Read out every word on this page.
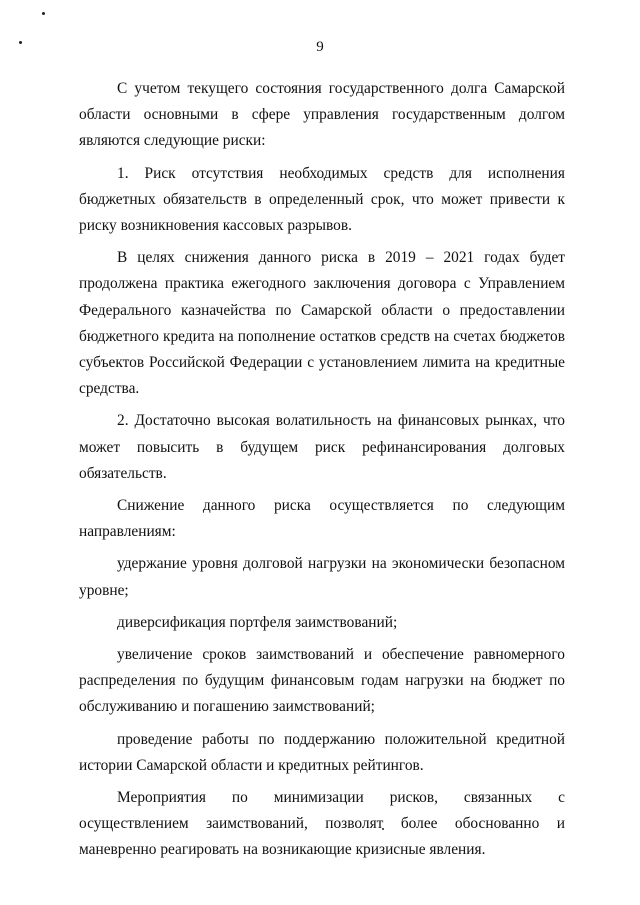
9

С учетом текущего состояния государственного долга Самарской области основными в сфере управления государственным долгом являются следующие риски:

1. Риск отсутствия необходимых средств для исполнения бюджетных обязательств в определенный срок, что может привести к риску возникновения кассовых разрывов.

В целях снижения данного риска в 2019 – 2021 годах будет продолжена практика ежегодного заключения договора с Управлением Федерального казначейства по Самарской области о предоставлении бюджетного кредита на пополнение остатков средств на счетах бюджетов субъектов Российской Федерации с установлением лимита на кредитные средства.

2. Достаточно высокая волатильность на финансовых рынках, что может повысить в будущем риск рефинансирования долговых обязательств.

Снижение данного риска осуществляется по следующим направлениям:

удержание уровня долговой нагрузки на экономически безопасном уровне;

диверсификация портфеля заимствований;

увеличение сроков заимствований и обеспечение равномерного распределения по будущим финансовым годам нагрузки на бюджет по обслуживанию и погашению заимствований;

проведение работы по поддержанию положительной кредитной истории Самарской области и кредитных рейтингов.

Мероприятия по минимизации рисков, связанных с осуществлением заимствований, позволят более обоснованно и маневренно реагировать на возникающие кризисные явления.
